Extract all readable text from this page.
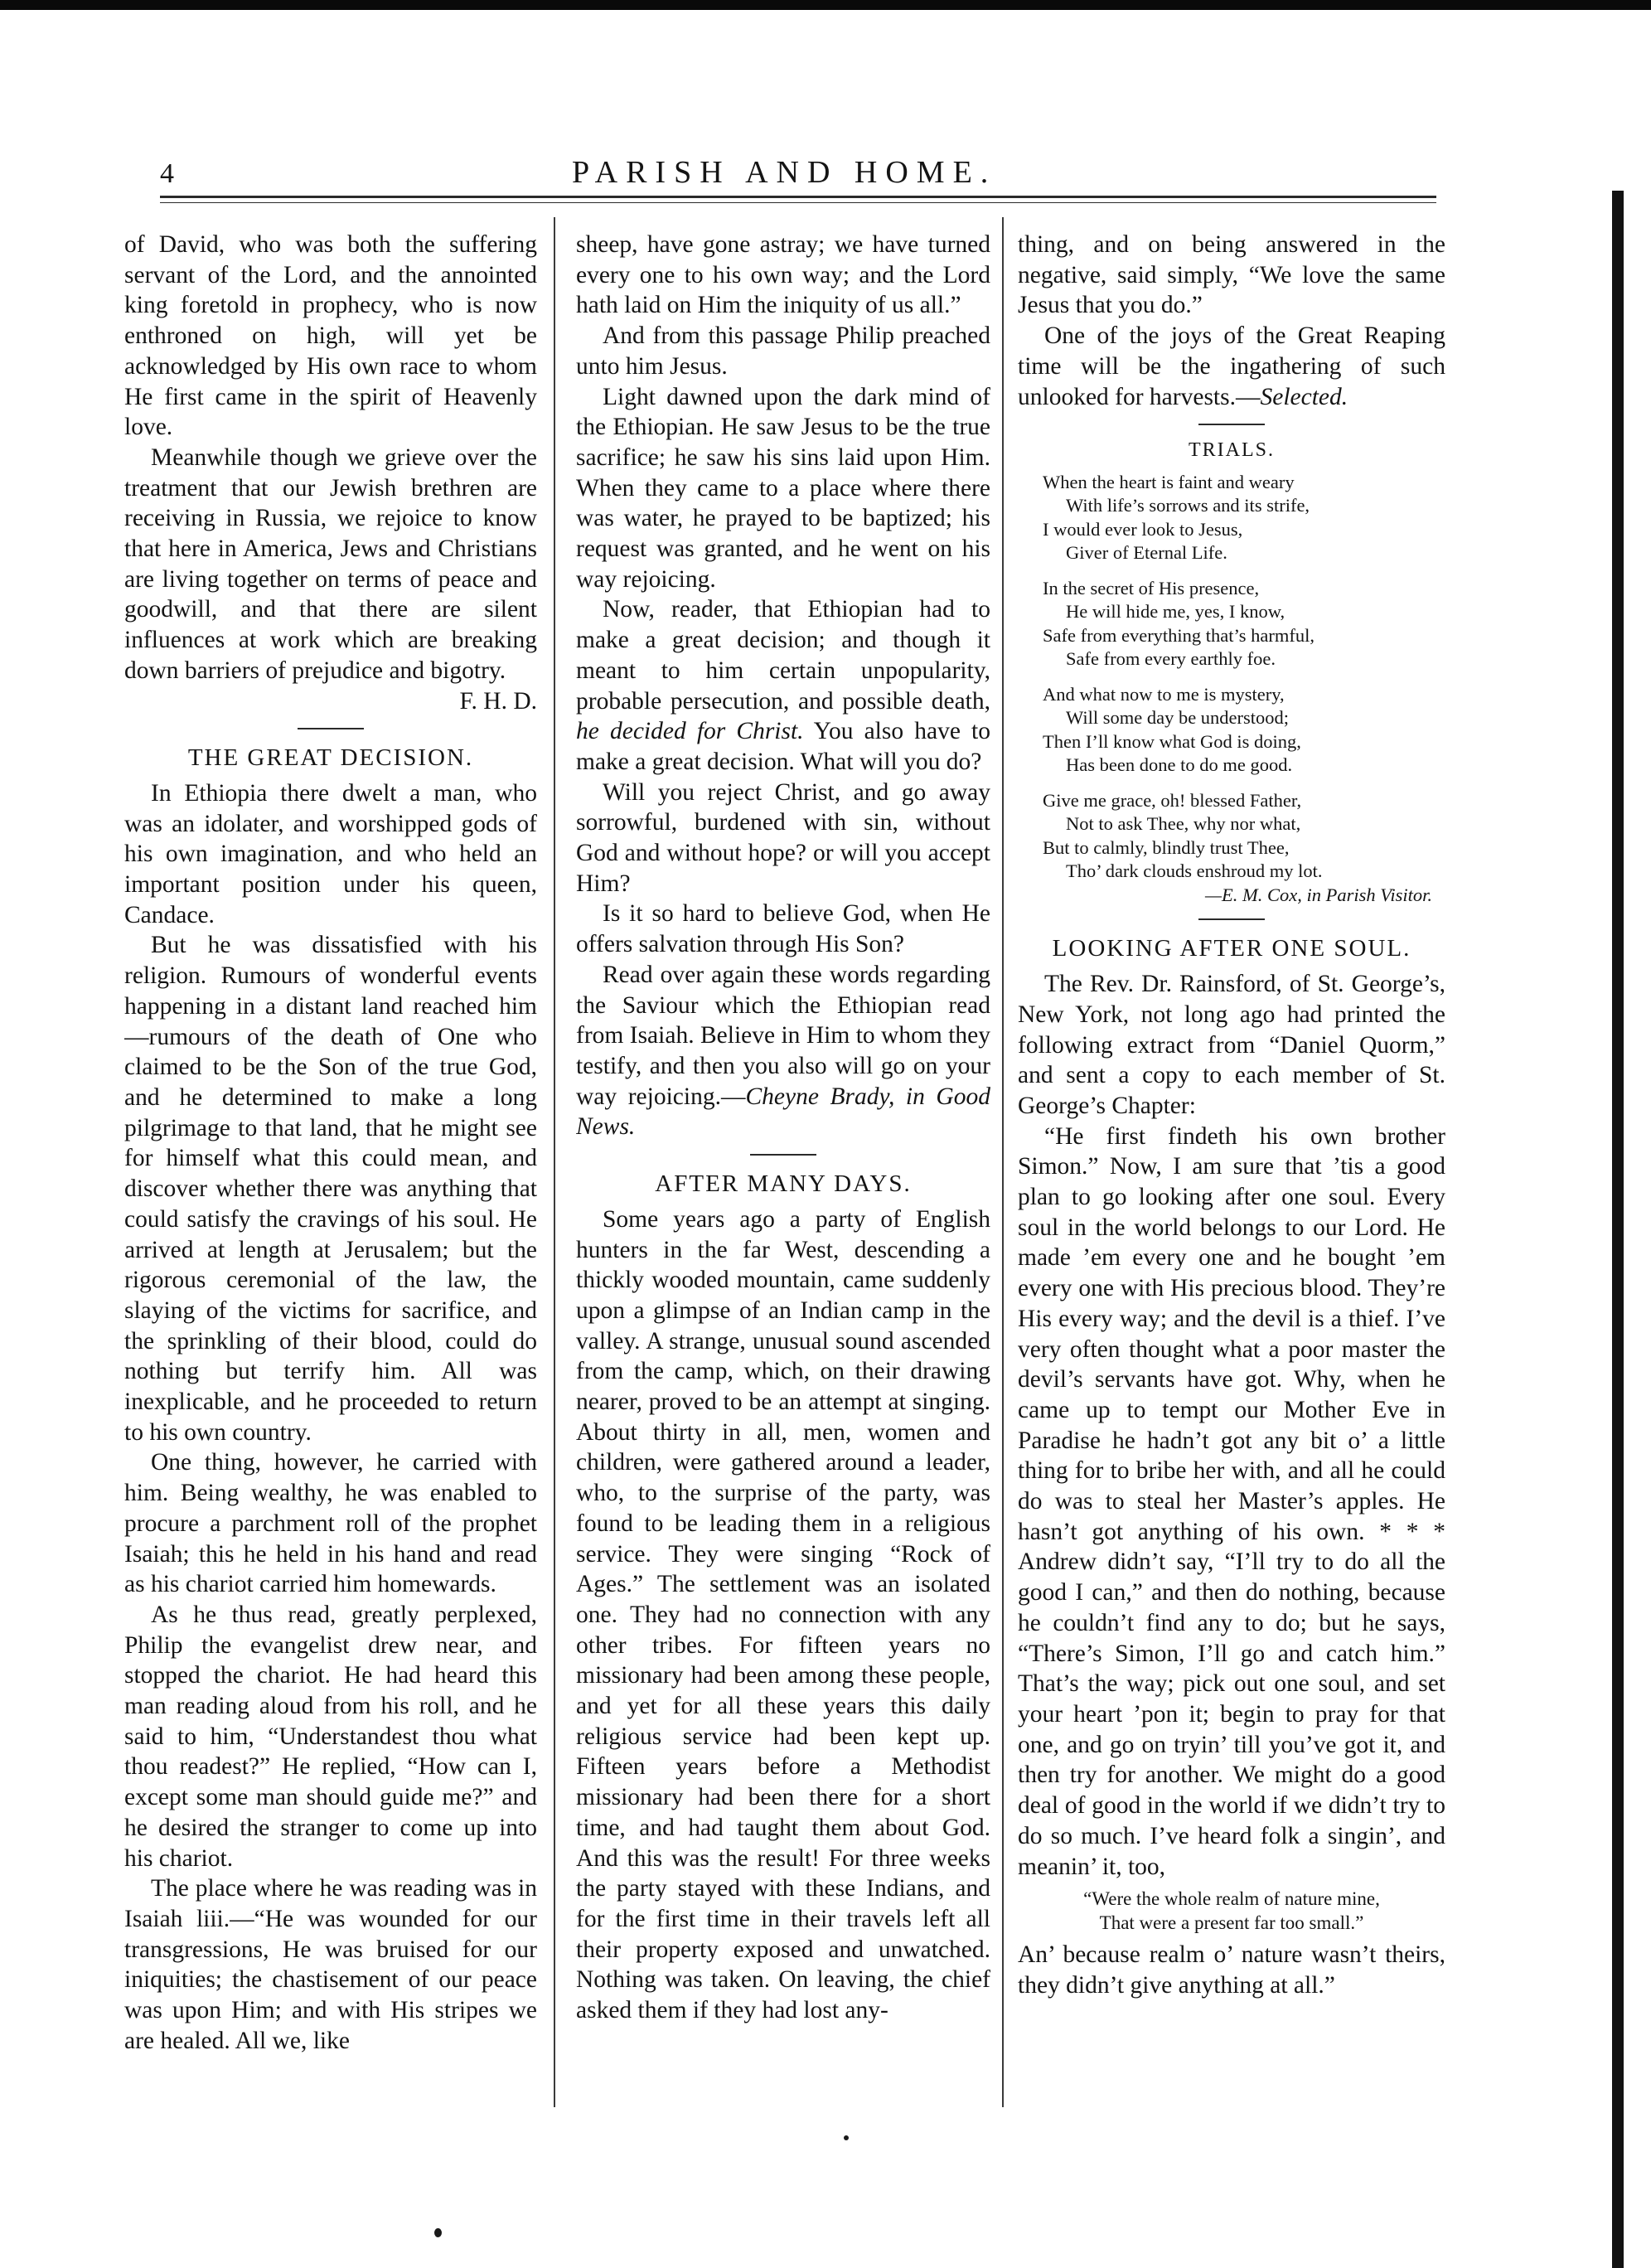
4	PARISH AND HOME.

of David, who was both the suffering servant of the Lord, and the annointed king foretold in prophecy, who is now enthroned on high, will yet be acknowledged by His own race to whom He first came in the spirit of Heavenly love.

Meanwhile though we grieve over the treatment that our Jewish brethren are receiving in Russia, we rejoice to know that here in America, Jews and Christians are living together on terms of peace and goodwill, and that there are silent influences at work which are breaking down barriers of prejudice and bigotry.

F. H. D.

THE GREAT DECISION.

In Ethiopia there dwelt a man, who was an idolater, and worshipped gods of his own imagination, and who held an important position under his queen, Candace.

But he was dissatisfied with his religion. Rumours of wonderful events happening in a distant land reached him—rumours of the death of One who claimed to be the Son of the true God, and he determined to make a long pilgrimage to that land, that he might see for himself what this could mean, and discover whether there was anything that could satisfy the cravings of his soul. He arrived at length at Jerusalem; but the rigorous ceremonial of the law, the slaying of the victims for sacrifice, and the sprinkling of their blood, could do nothing but terrify him. All was inexplicable, and he proceeded to return to his own country.

One thing, however, he carried with him. Being wealthy, he was enabled to procure a parchment roll of the prophet Isaiah; this he held in his hand and read as his chariot carried him homewards.

As he thus read, greatly perplexed, Philip the evangelist drew near, and stopped the chariot. He had heard this man reading aloud from his roll, and he said to him, “Understandest thou what thou readest?” He replied, “How can I, except some man should guide me?” and he desired the stranger to come up into his chariot.

The place where he was reading was in Isaiah liii.—“He was wounded for our transgressions, He was bruised for our iniquities; the chastisement of our peace was upon Him; and with His stripes we are healed. All we, like

sheep, have gone astray; we have turned every one to his own way; and the Lord hath laid on Him the iniquity of us all.”

And from this passage Philip preached unto him Jesus.

Light dawned upon the dark mind of the Ethiopian. He saw Jesus to be the true sacrifice; he saw his sins laid upon Him. When they came to a place where there was water, he prayed to be baptized; his request was granted, and he went on his way rejoicing.

Now, reader, that Ethiopian had to make a great decision; and though it meant to him certain unpopularity, probable persecution, and possible death, he decided for Christ. You also have to make a great decision. What will you do?

Will you reject Christ, and go away sorrowful, burdened with sin, without God and without hope? or will you accept Him?

Is it so hard to believe God, when He offers salvation through His Son?

Read over again these words regarding the Saviour which the Ethiopian read from Isaiah. Believe in Him to whom they testify, and then you also will go on your way rejoicing.—Cheyne Brady, in Good News.

AFTER MANY DAYS.

Some years ago a party of English hunters in the far West, descending a thickly wooded mountain, came suddenly upon a glimpse of an Indian camp in the valley. A strange, unusual sound ascended from the camp, which, on their drawing nearer, proved to be an attempt at singing. About thirty in all, men, women and children, were gathered around a leader, who, to the surprise of the party, was found to be leading them in a religious service. They were singing “Rock of Ages.” The settlement was an isolated one. They had no connection with any other tribes. For fifteen years no missionary had been among these people, and yet for all these years this daily religious service had been kept up. Fifteen years before a Methodist missionary had been there for a short time, and had taught them about God. And this was the result! For three weeks the party stayed with these Indians, and for the first time in their travels left all their property exposed and unwatched. Nothing was taken. On leaving, the chief asked them if they had lost any-

thing, and on being answered in the negative, said simply, “We love the same Jesus that you do.”

One of the joys of the Great Reaping time will be the ingathering of such unlooked for harvests.—Selected.

TRIALS.
When the heart is faint and weary
With life’s sorrows and its strife,
I would ever look to Jesus,
Giver of Eternal Life.
In the secret of His presence,
He will hide me, yes, I know,
Safe from everything that’s harmful,
Safe from every earthly foe.
And what now to me is mystery,
Will some day be understood;
Then I’ll know what God is doing,
Has been done to do me good.
Give me grace, oh! blessed Father,
Not to ask Thee, why nor what,
But to calmly, blindly trust Thee,
Tho’ dark clouds enshroud my lot.
—E. M. Cox, in Parish Visitor.
LOOKING AFTER ONE SOUL.

The Rev. Dr. Rainsford, of St. George’s, New York, not long ago had printed the following extract from “Daniel Quorm,” and sent a copy to each member of St. George’s Chapter:

“He first findeth his own brother Simon.” Now, I am sure that ’tis a good plan to go looking after one soul. Every soul in the world belongs to our Lord. He made ’em every one and he bought ’em every one with His precious blood. They’re His every way; and the devil is a thief. I’ve very often thought what a poor master the devil’s servants have got. Why, when he came up to tempt our Mother Eve in Paradise he hadn’t got any bit o’ a little thing for to bribe her with, and all he could do was to steal her Master’s apples. He hasn’t got anything of his own. * * * Andrew didn’t say, “I’ll try to do all the good I can,” and then do nothing, because he couldn’t find any to do; but he says, “There’s Simon, I’ll go and catch him.” That’s the way; pick out one soul, and set your heart ’pon it; begin to pray for that one, and go on tryin’ till you’ve got it, and then try for another. We might do a good deal of good in the world if we didn’t try to do so much. I’ve heard folk a singin’, and meanin’ it, too,

“Were the whole realm of nature mine,
That were a present far too small.”

An’ because realm o’ nature wasn’t theirs, they didn’t give anything at all.”
